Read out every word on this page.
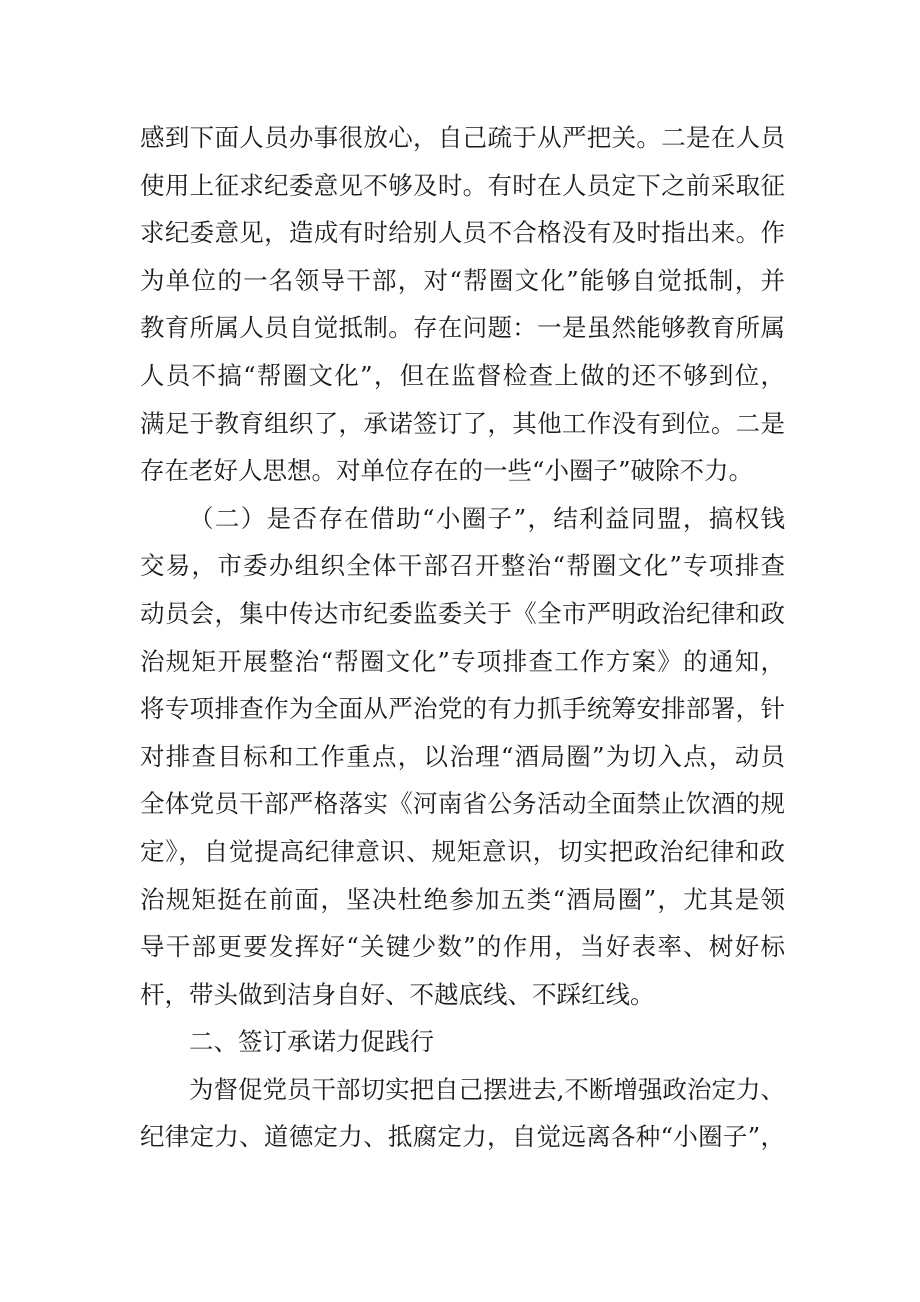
感到下面人员办事很放心，自己疏于从严把关。二是在人员
使用上征求纪委意见不够及时。有时在人员定下之前采取征
求纪委意见，造成有时给别人员不合格没有及时指出来。作
为单位的一名领导干部，对“帮圈文化”能够自觉抵制，并
教育所属人员自觉抵制。存在问题：一是虽然能够教育所属
人员不搞“帮圈文化”，但在监督检查上做的还不够到位，
满足于教育组织了，承诺签订了，其他工作没有到位。二是
存在老好人思想。对单位存在的一些“小圈子”破除不力。
（二）是否存在借助“小圈子”，结利益同盟，搞权钱
交易，市委办组织全体干部召开整治“帮圈文化”专项排查
动员会，集中传达市纪委监委关于《全市严明政治纪律和政
治规矩开展整治“帮圈文化”专项排查工作方案》的通知，
将专项排查作为全面从严治党的有力抓手统筹安排部署，针
对排查目标和工作重点，以治理“酒局圈”为切入点，动员
全体党员干部严格落实《河南省公务活动全面禁止饮酒的规
定》，自觉提高纪律意识、规矩意识，切实把政治纪律和政
治规矩挺在前面，坚决杜绝参加五类“酒局圈”，尤其是领
导干部更要发挥好“关键少数”的作用，当好表率、树好标
杆，带头做到洁身自好、不越底线、不踩红线。
二、签订承诺力促践行
为督促党员干部切实把自己摆进去,不断增强政治定力、
纪律定力、道德定力、抵腐定力，自觉远离各种“小圈子”，
